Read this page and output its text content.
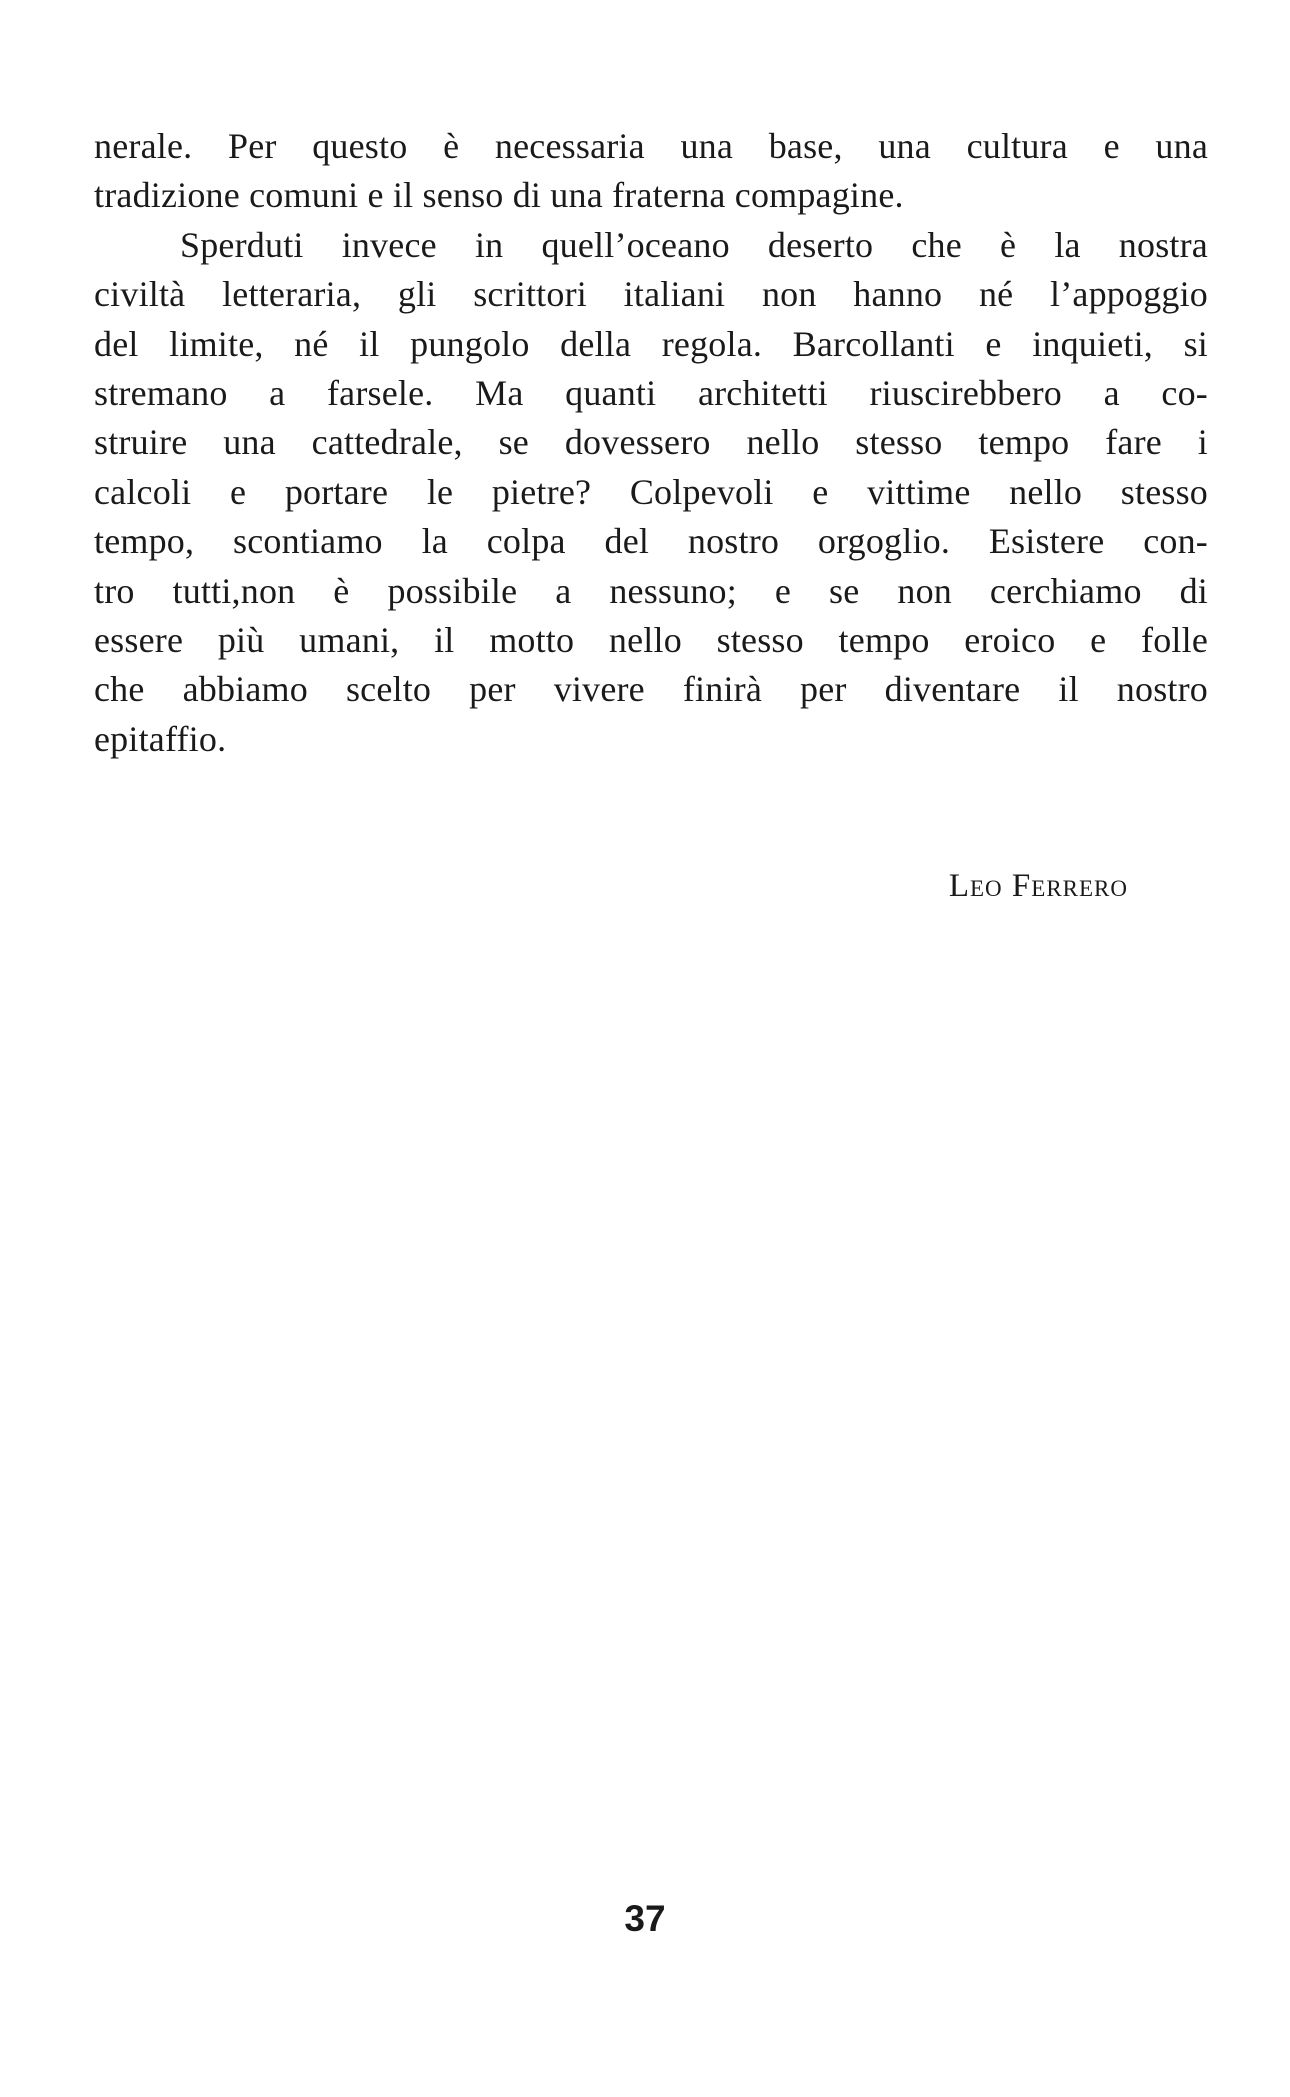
nerale. Per questo è necessaria una base, una cultura e una
tradizione comuni e il senso di una fraterna compagine.
Sperduti invece in quell’oceano deserto che è la nostra
civiltà letteraria, gli scrittori italiani non hanno né l’appoggio
del limite, né il pungolo della regola. Barcollanti e inquieti, si
stremano a farsele. Ma quanti architetti riuscirebbero a co-
struire una cattedrale, se dovessero nello stesso tempo fare i
calcoli e portare le pietre? Colpevoli e vittime nello stesso
tempo, scontiamo la colpa del nostro orgoglio. Esistere con-
tro tutti,non è possibile a nessuno; e se non cerchiamo di
essere più umani, il motto nello stesso tempo eroico e folle
che abbiamo scelto per vivere finirà per diventare il nostro
epitaffio.
Leo Ferrero
37
